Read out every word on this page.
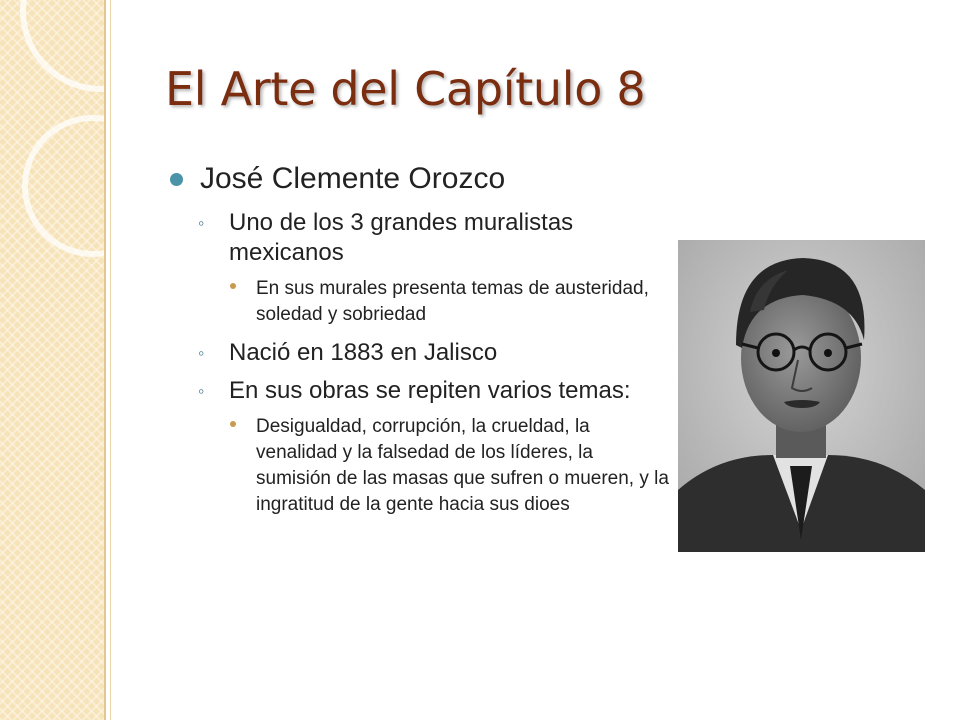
El Arte del Capítulo 8
José Clemente Orozco
◦ Uno de los 3 grandes muralistas mexicanos
En sus murales presenta temas de austeridad, soledad y sobriedad
◦ Nació en 1883 en Jalisco
◦ En sus obras se repiten varios temas:
Desigualdad, corrupción, la crueldad, la venalidad y la falsedad de los líderes, la sumisión de las masas que sufren o mueren, y la ingratitud de la gente hacia sus dioes
